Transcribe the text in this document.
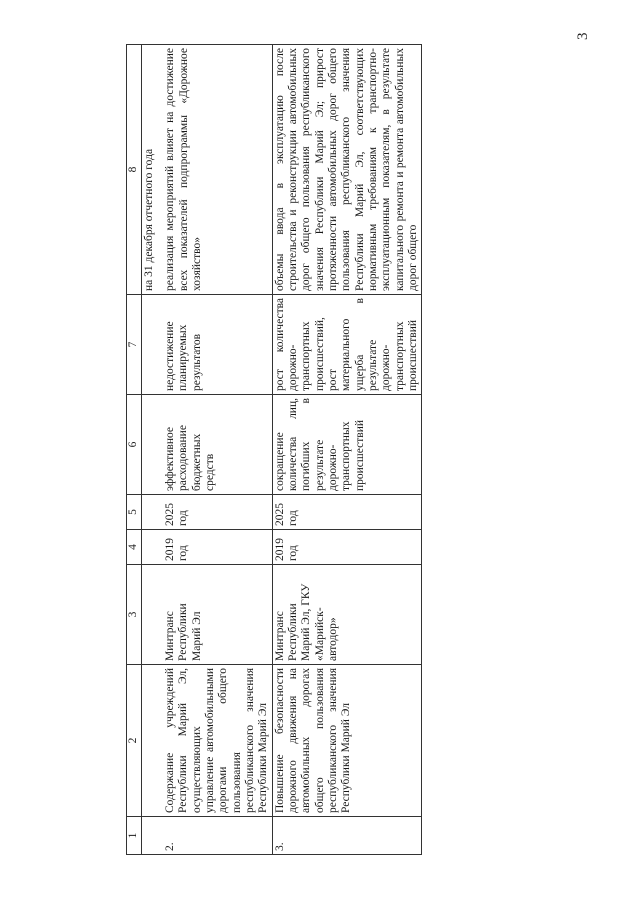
3
1	2	3	4	5	6	7	8
2.	Содержание учреждений Республики Марий Эл, осуществляющих управление автомобильными дорогами общего пользования республиканского значения Республики Марий Эл	Минтранс Республики Марий Эл	2019 год	2025 год	эффективное расходование бюджетных средств	недостижение планируемых результатов	на 31 декабря отчетного года реализация мероприятий влияет на достижение всех показателей подпрограммы «Дорожное хозяйство»
3.	Повышение безопасности дорожного движения на автомобильных дорогах общего пользования республиканского значения Республики Марий Эл	Минтранс Республики Марий Эл, ГКУ «Марийск-автодор»	2019 год	2025 год	сокращение количества лиц, погибших в результате дорожно-транспортных происшествий	рост количества дорожно-транспортных происшествий, рост материального ущерба в результате дорожно-транспортных происшествий	объемы ввода в эксплуатацию после строительства и реконструкции автомобильных дорог общего пользования республиканского значения Республики Марий Эл; прирост протяженности автомобильных дорог общего пользования республиканского значения Республики Марий Эл, соответствующих нормативным требованиям к транспортно-эксплуатационным показателям, в результате капитального ремонта и ремонта автомобильных дорог общего
